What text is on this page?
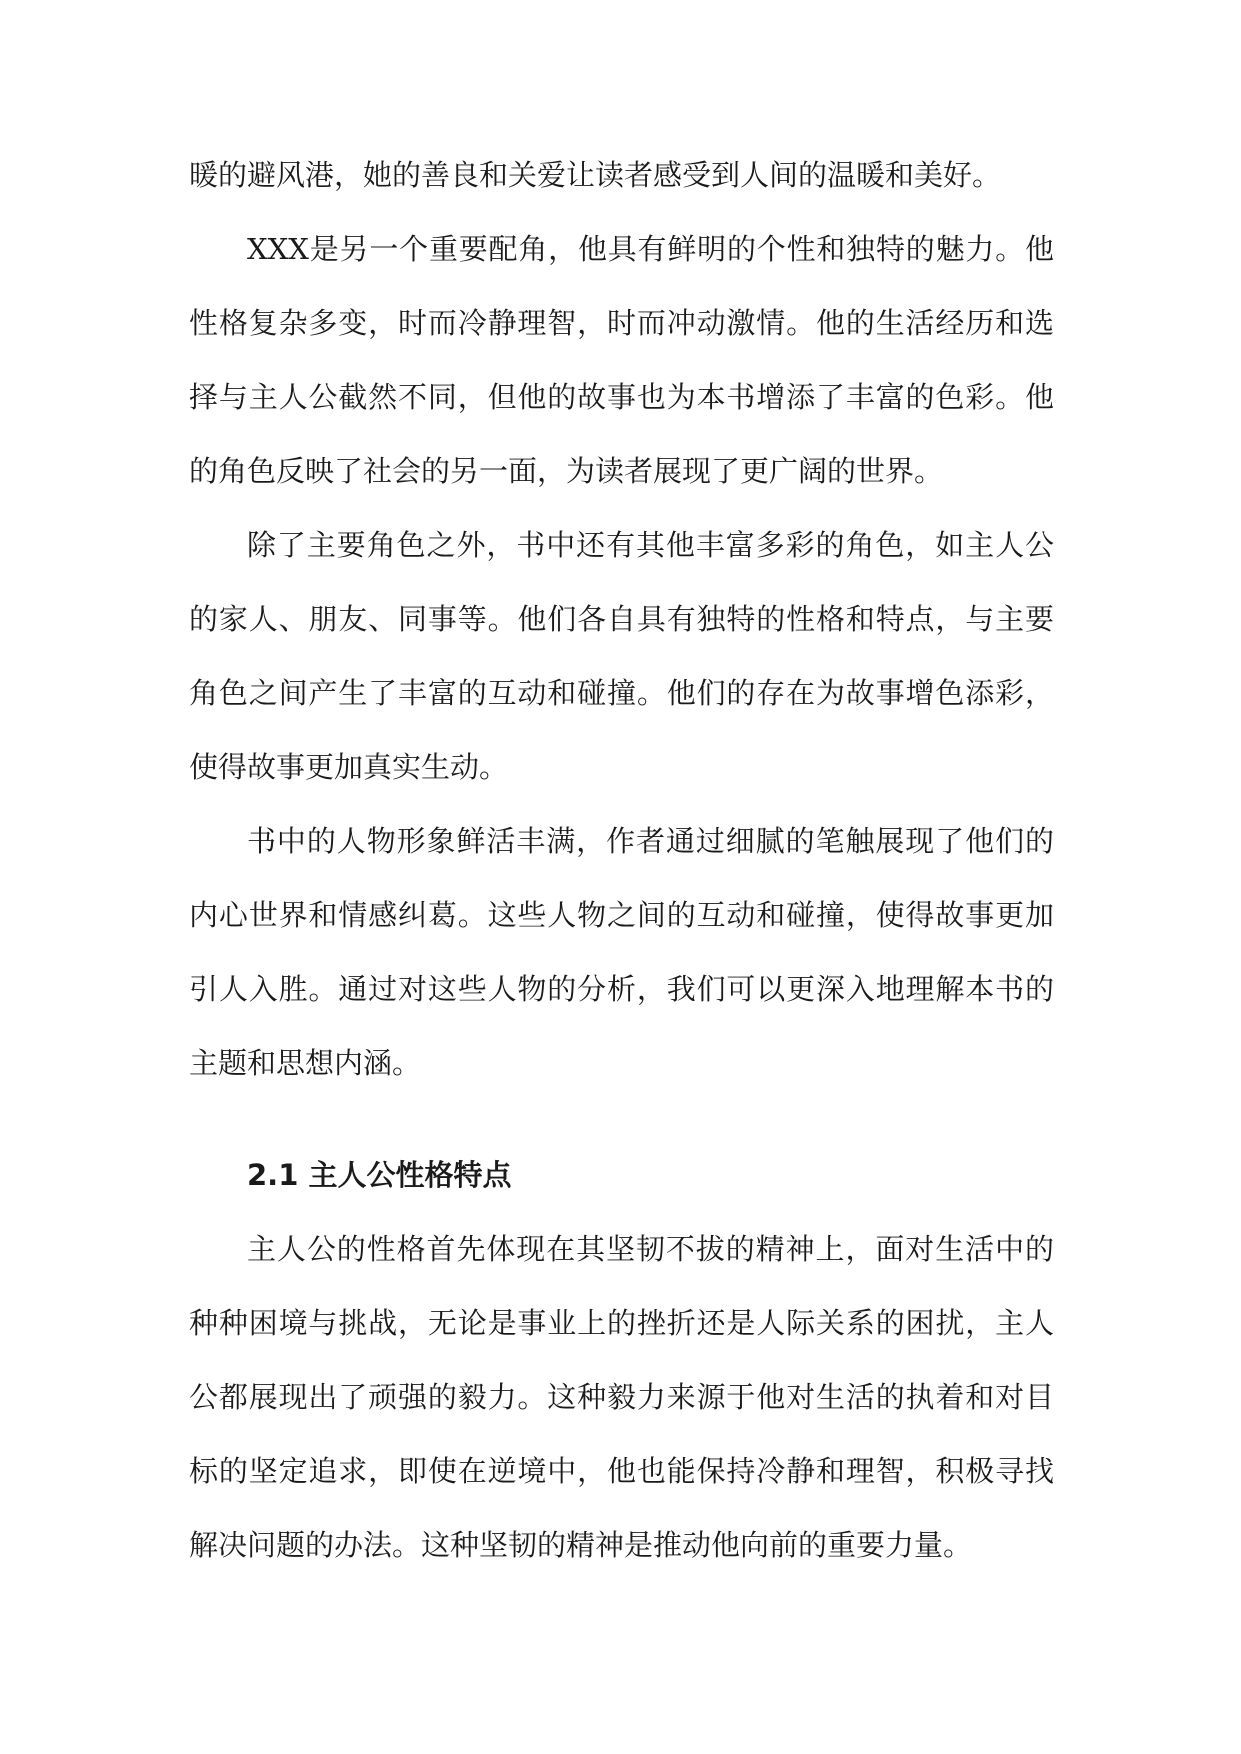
暖的避风港，她的善良和关爱让读者感受到人间的温暖和美好。

XXX是另一个重要配角，他具有鲜明的个性和独特的魅力。他性格复杂多变，时而冷静理智，时而冲动激情。他的生活经历和选择与主人公截然不同，但他的故事也为本书增添了丰富的色彩。他的角色反映了社会的另一面，为读者展现了更广阔的世界。

除了主要角色之外，书中还有其他丰富多彩的角色，如主人公的家人、朋友、同事等。他们各自具有独特的性格和特点，与主要角色之间产生了丰富的互动和碰撞。他们的存在为故事增色添彩，使得故事更加真实生动。

书中的人物形象鲜活丰满，作者通过细腻的笔触展现了他们的内心世界和情感纠葛。这些人物之间的互动和碰撞，使得故事更加引人入胜。通过对这些人物的分析，我们可以更深入地理解本书的主题和思想内涵。

2.1 主人公性格特点

主人公的性格首先体现在其坚韧不拔的精神上，面对生活中的种种困境与挑战，无论是事业上的挫折还是人际关系的困扰，主人公都展现出了顽强的毅力。这种毅力来源于他对生活的执着和对目标的坚定追求，即使在逆境中，他也能保持冷静和理智，积极寻找解决问题的办法。这种坚韧的精神是推动他向前的重要力量。
